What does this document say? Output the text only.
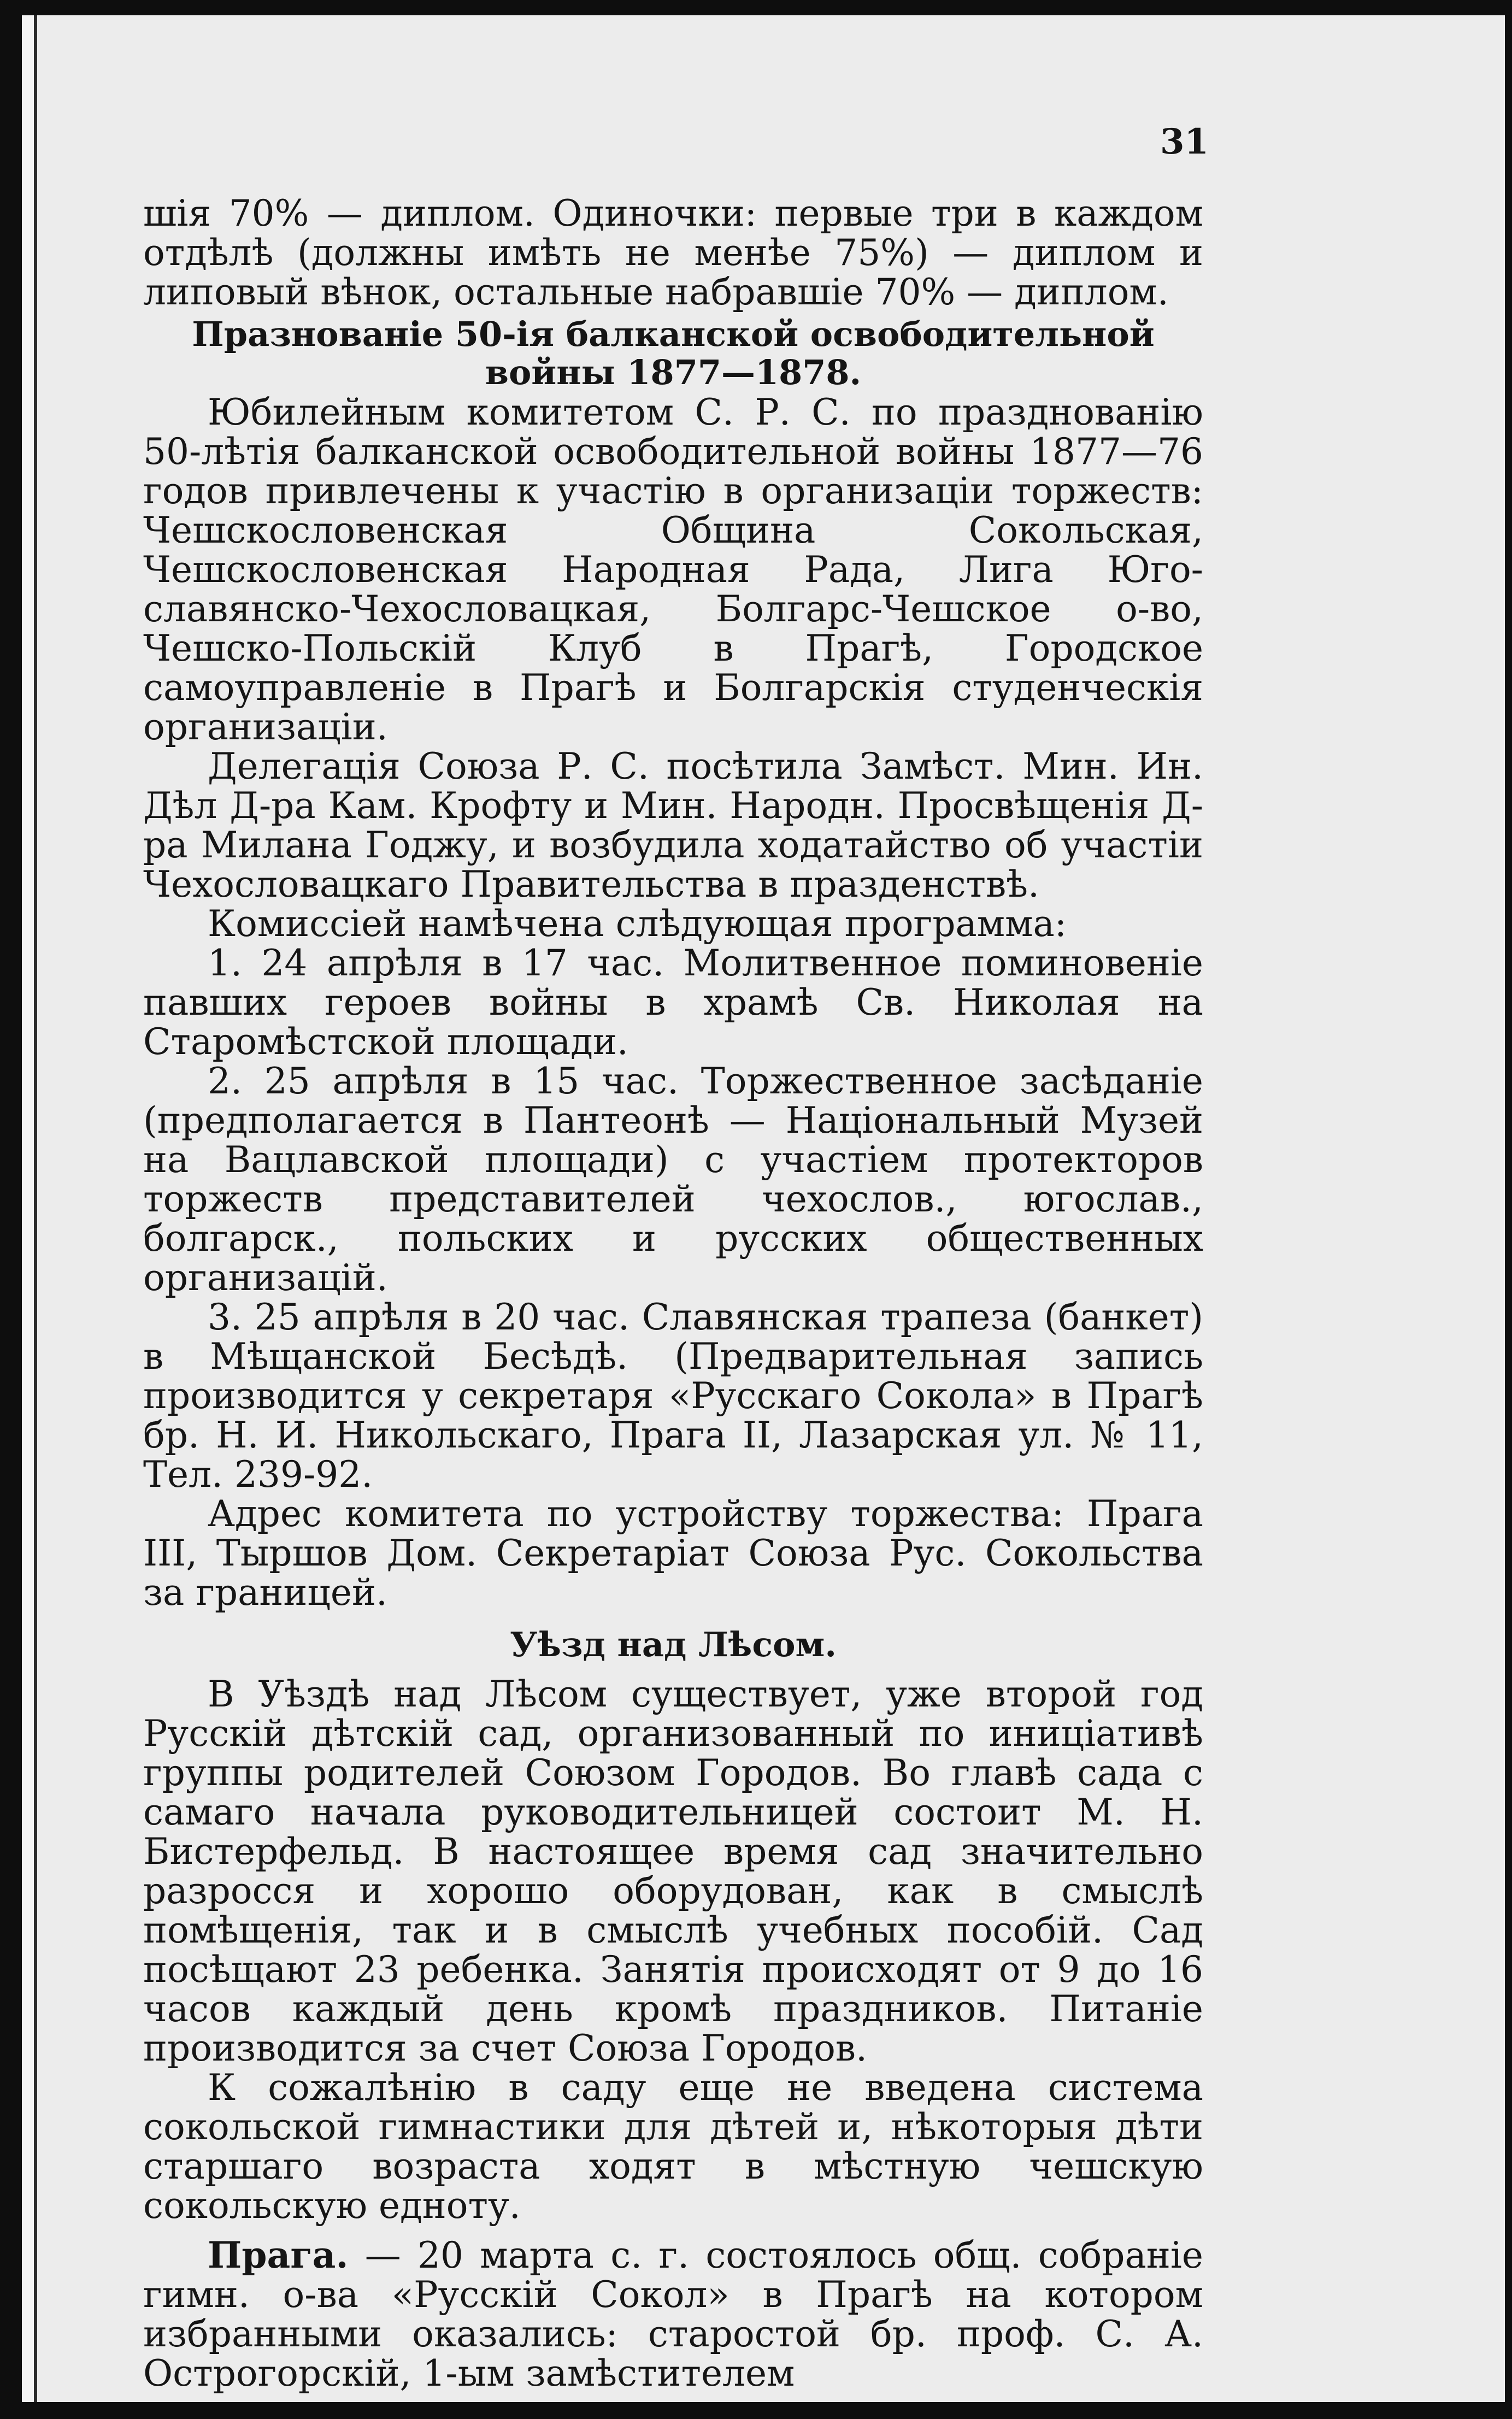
31

шія 70% — диплом. Одиночки: первые три в каждом отдѣлѣ (должны имѣть не менѣе 75%) — диплом и липовый вѣнок, остальные набравшіе 70% — диплом.

Празнованіе 50-ія балканской освободительной войны 1877—1878.

Юбилейным комитетом С. Р. С. по празднованію 50-лѣтія балканской освободительной войны 1877—76 годов привлечены к участію в организаціи торжеств: Чешскословенская Община Сокольская, Чешскословенская Народная Рада, Лига Юго-славянско-Чехословацкая, Болгарс-Чешское о-во, Чешско-Польскій Клуб в Прагѣ, Городское самоуправленіе в Прагѣ и Болгарскія студенческія организаціи.

Делегація Союза Р. С. посѣтила Замѣст. Мин. Ин. Дѣл Д-ра Кам. Крофту и Мин. Народн. Просвѣщенія Д-ра Милана Годжу, и возбудила ходатайство об участіи Чехословацкаго Правительства в празденствѣ.

Комиссіей намѣчена слѣдующая программа:

1. 24 апрѣля в 17 час. Молитвенное поминовеніе павших героев войны в храмѣ Св. Николая на Старомѣстской площади.

2. 25 апрѣля в 15 час. Торжественное засѣданіе (предполагается в Пантеонѣ — Національный Музей на Вацлавской площади) с участіем протекторов торжеств представителей чехослов., югослав., болгарск., польских и русских общественных организацій.

3. 25 апрѣля в 20 час. Славянская трапеза (банкет) в Мѣщанской Бесѣдѣ. (Предварительная запись производится у секретаря «Русскаго Сокола» в Прагѣ бр. Н. И. Никольскаго, Прага II, Лазарская ул. № 11, Тел. 239-92.

Адрес комитета по устройству торжества: Прага III, Тыршов Дом. Секретаріат Союза Рус. Сокольства за границей.

Уѣзд над Лѣсом.

В Уѣздѣ над Лѣсом существует, уже второй год Русскій дѣтскій сад, организованный по иниціативѣ группы родителей Союзом Городов. Во главѣ сада с самаго начала руководительницей состоит М. Н. Бистерфельд. В настоящее время сад значительно разросся и хорошо оборудован, как в смыслѣ помѣщенія, так и в смыслѣ учебных пособій. Сад посѣщают 23 ребенка. Занятія происходят от 9 до 16 часов каждый день кромѣ праздников. Питаніе производится за счет Союза Городов.

К сожалѣнію в саду еще не введена система сокольской гимнастики для дѣтей и, нѣкоторыя дѣти старшаго возраста ходят в мѣстную чешскую сокольскую едноту.

Прага. — 20 марта с. г. состоялось общ. собраніе гимн. о-ва «Русскій Сокол» в Прагѣ на котором избранными оказались: старостой бр. проф. С. А. Острогорскій, 1-ым замѣстителем
